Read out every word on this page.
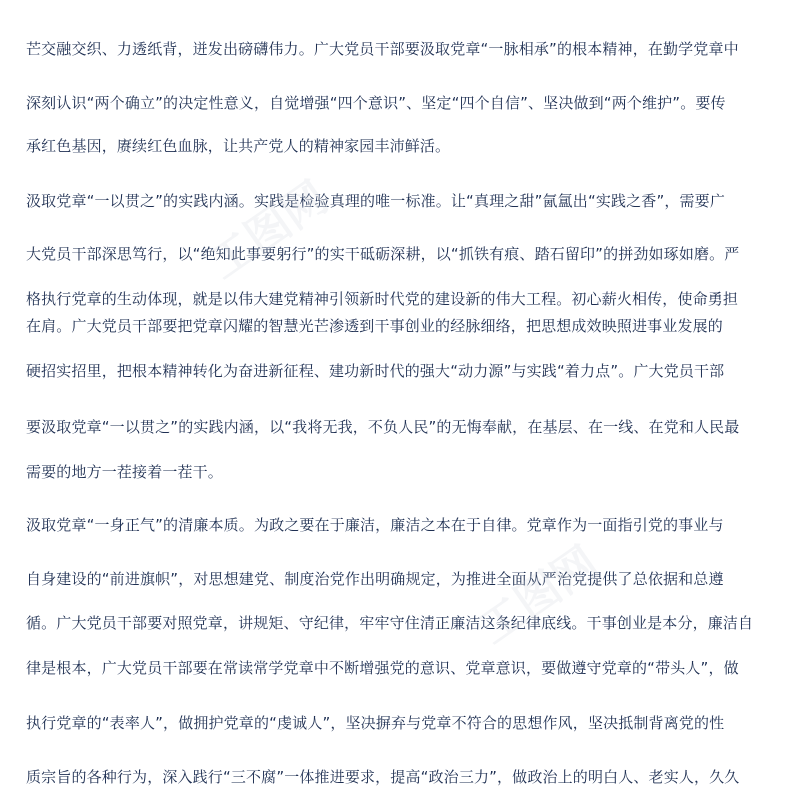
芒交融交织、力透纸背，迸发出磅礴伟力。广大党员干部要汲取党章“一脉相承”的根本精神，在勤学党章中
深刻认识“两个确立”的决定性意义，自觉增强“四个意识”、坚定“四个自信”、坚决做到“两个维护”。要传
承红色基因，赓续红色血脉，让共产党人的精神家园丰沛鲜活。
汲取党章“一以贯之”的实践内涵。实践是检验真理的唯一标准。让“真理之甜”氤氲出“实践之香”，需要广
大党员干部深思笃行，以“绝知此事要躬行”的实干砥砺深耕，以“抓铁有痕、踏石留印”的拼劲如琢如磨。严
格执行党章的生动体现，就是以伟大建党精神引领新时代党的建设新的伟大工程。初心薪火相传，使命勇担
在肩。广大党员干部要把党章闪耀的智慧光芒渗透到干事创业的经脉细络，把思想成效映照进事业发展的
硬招实招里，把根本精神转化为奋进新征程、建功新时代的强大“动力源”与实践“着力点”。广大党员干部
要汲取党章“一以贯之”的实践内涵，以“我将无我，不负人民”的无悔奉献，在基层、在一线、在党和人民最
需要的地方一茬接着一茬干。
汲取党章“一身正气”的清廉本质。为政之要在于廉洁，廉洁之本在于自律。党章作为一面指引党的事业与
自身建设的“前进旗帜”，对思想建党、制度治党作出明确规定，为推进全面从严治党提供了总依据和总遵
循。广大党员干部要对照党章，讲规矩、守纪律，牢牢守住清正廉洁这条纪律底线。干事创业是本分，廉洁自
律是根本，广大党员干部要在常读常学党章中不断增强党的意识、党章意识，要做遵守党章的“带头人”，做
执行党章的“表率人”，做拥护党章的“虔诚人”，坚决摒弃与党章不符合的思想作风，坚决抵制背离党的性
质宗旨的各种行为，深入践行“三不腐”一体推进要求，提高“政治三力”，做政治上的明白人、老实人，久久
工图网
工图网
